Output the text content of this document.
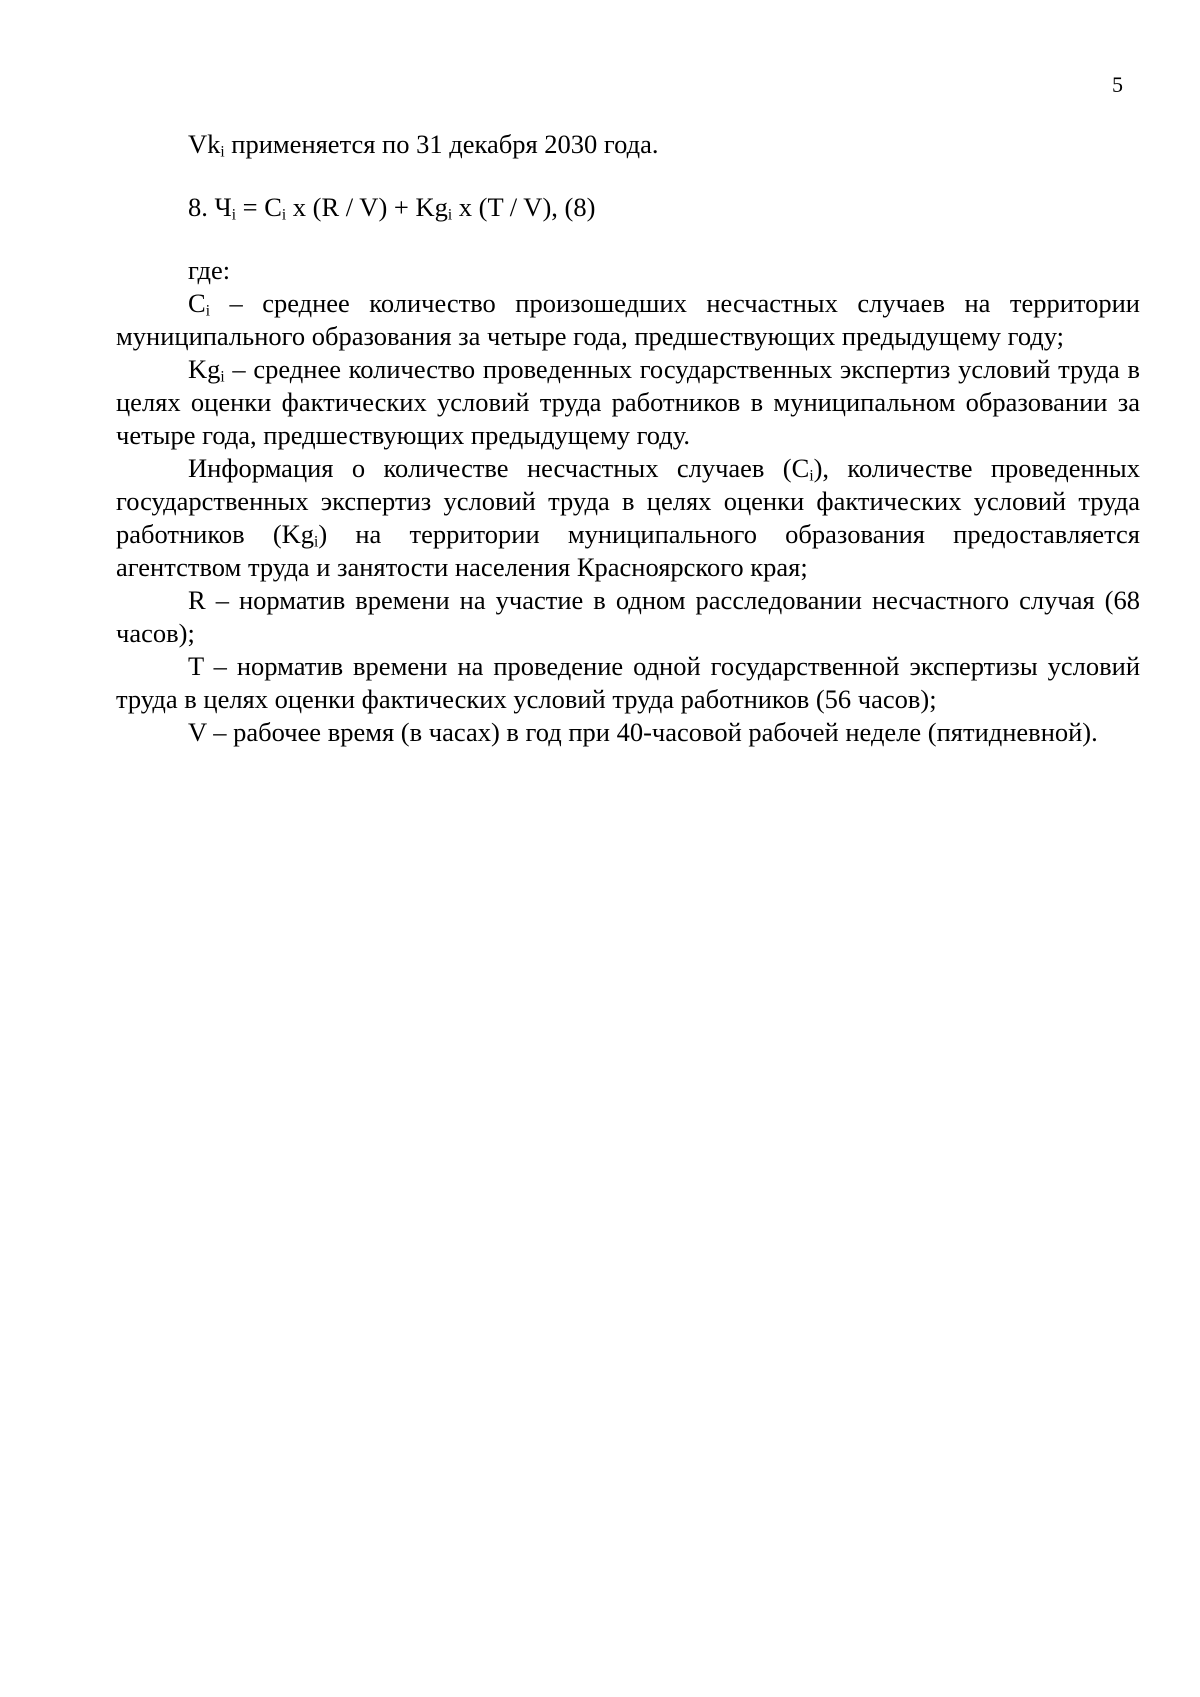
5

$Vk_i$ применяется по 31 декабря 2030 года.

8. $Ч_i = C_i$ x $(R / V) + Kg_i$ x (T / V), (8)

где:

$C_i$ – среднее количество произошедших несчастных случаев на территории муниципального образования за четыре года, предшествующих предыдущему году;

$Kg_i$ – среднее количество проведенных государственных экспертиз условий труда в целях оценки фактических условий труда работников в муниципальном образовании за четыре года, предшествующих предыдущему году.

Информация о количестве несчастных случаев $(C_i)$, количестве проведенных государственных экспертиз условий труда в целях оценки фактических условий труда работников $(Kg_i)$ на территории муниципального образования предоставляется агентством труда и занятости населения Красноярского края;

R – норматив времени на участие в одном расследовании несчастного случая (68 часов);

T – норматив времени на проведение одной государственной экспертизы условий труда в целях оценки фактических условий труда работников (56 часов);

V – рабочее время (в часах) в год при 40-часовой рабочей неделе (пятидневной).
